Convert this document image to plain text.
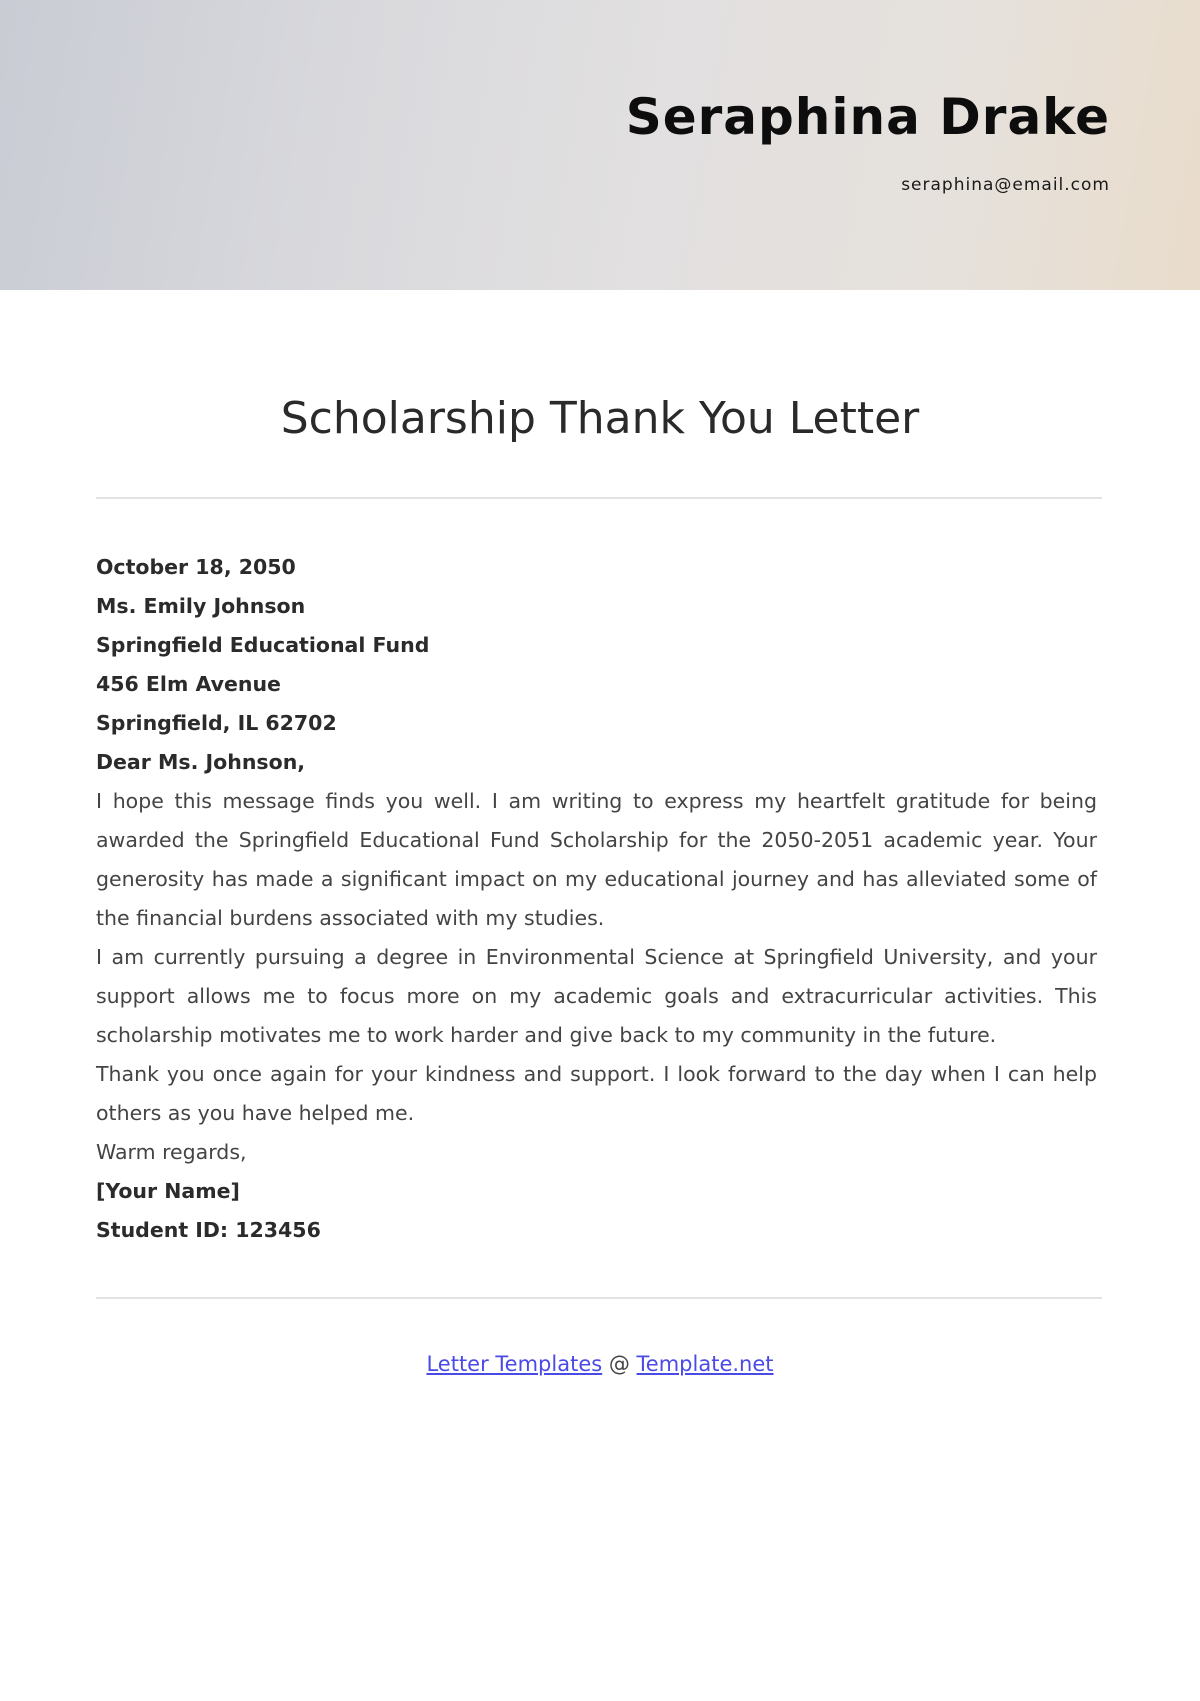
Seraphina Drake

seraphina@email.com

Scholarship Thank You Letter

October 18, 2050

Ms. Emily Johnson

Springfield Educational Fund

456 Elm Avenue

Springfield, IL 62702

Dear Ms. Johnson,

I hope this message finds you well. I am writing to express my heartfelt gratitude for being awarded the Springfield Educational Fund Scholarship for the 2050-2051 academic year. Your generosity has made a significant impact on my educational journey and has alleviated some of the financial burdens associated with my studies.

I am currently pursuing a degree in Environmental Science at Springfield University, and your support allows me to focus more on my academic goals and extracurricular activities. This scholarship motivates me to work harder and give back to my community in the future.

Thank you once again for your kindness and support. I look forward to the day when I can help others as you have helped me.

Warm regards,

[Your Name]

Student ID: 123456

Letter Templates @ Template.net
